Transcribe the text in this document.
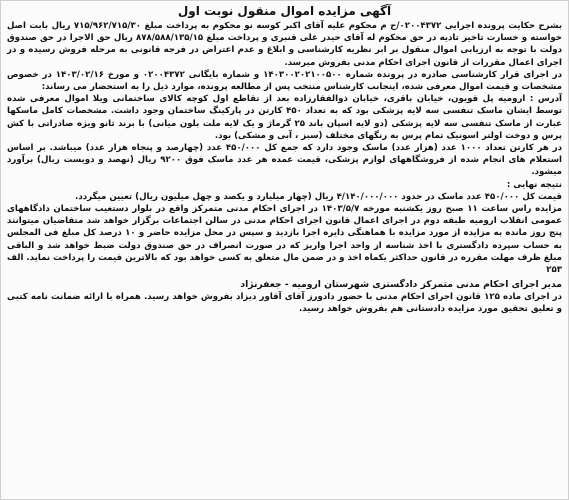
آگهی مزایده اموال منقول نوبت اول

بشرح حکایت پرونده اجرایی ۰۲۰۰۴۳۷۲/ح م محکوم علیه آقای اکبر کوسه نو محکوم به پرداخت مبلغ ۷۱۵/۹۶۲/۷۱۵/۳۰ ریال بابت اصل خواسته و خسارت تاخیر تادیه در حق محکوم له آقای حیدر علی قنبری و پرداخت مبلغ ۸۷۸/۵۸۸/۱۳۵/۱۵ ریال حق الاجرا در حق صندوق دولت با توجه به ارزیابی اموال منقول بر ابر نظریه کارشناسی و ابلاغ و عدم اعتراض در فرجه قانونی به مرحله فروش رسیده و در اجرای اعمال مقررات از قانون اجرای احکام مدنی بفروش میرسد.

در اجرای قرار کارشناسی صادره در پرونده شماره ۱۴۰۳۰۰۲۰۲۱۰۰۵۰۰ و شماره بایگانی ۰۲۰۰۴۳۷۲ و مورخ ۱۴۰۳/۰۲/۱۶ در خصوص مشخصات و قیمت اموال معرفی شده، اینجانب کارشناس منتخب پس از مطالعه پرونده، موارد ذیل را به استحضار می رساند:

آدرس : ارومیه پل قویون، خیابان باقری، خیابان ذوالفقارزاده بعد از تقاطع اول کوچه کالای ساختمانی ویلا اموال معرفی شده توسط ایشان ماسک تنفسی سه لایه پزشکی بود که به تعداد ۴۵۰ کارتن در پارکینگ ساختمان وجود داشت. مشخصات کامل ماسکها عبارت از ماسک تنفسی سه لایه پزشکی (دو لایه اسپان باند ۲۵ گرماژ و یک لایه ملت بلون میانی) با برند ثانو ویژه صادراتی با کش پرس و دوخت اولتر اسونیک تمام پرس به رنگهای مختلف (سبز ، آبی و مشکی) بود.

در هر کارتن تعداد ۱۰۰۰ عدد (هزار عدد) ماسک وجود دارد که جمع کل ۴۵۰/۰۰۰ عدد (چهارصد و پنجاه هزار عدد) میباشد. بر اساس استعلام های انجام شده از فروشگاههای لوازم پزشکی، قیمت عمده هر عدد ماسک فوق ۹۲۰۰ ریال (نهصد و دویست ریال) برآورد میشود.

نتیجه نهایی :

قیمت کل ۴۵۰/۰۰۰ عدد ماسک در حدود ۴/۱۴۰/۰۰۰/۰۰۰ ریال (چهار میلیارد و یکصد و چهل میلیون ریال) تعیین میگردد.

مزایده راس ساعت ۱۱ صبح روز یکشنبه مورخه ۱۴۰۳/۵/۷ در اجرای احکام مدنی متمرکز واقع در بلوار دستغیب ساختمان دادگاههای عمومی انقلاب ارومیه طبقه دوم در اجرای اعمال قانون اجرای احکام مدنی در سالن اجتماعات برگزار خواهد شد متقاضیان میتوانند پنج روز مانده به مزایده از مورد مزایده با هماهنگی دایره اجرا بازدید و سپس در محل مزایده حاضر و ۱۰ درصد کل مبلغ فی المجلس به حساب سپرده دادگستری با اخذ شناسه از واحد اجرا واریز که در صورت انصراف در حق صندوق دولت ضبط خواهد شد و الباقی مبلغ ظرف مهلت مقرره در قانون حداکثر یکماه اخذ و در ضمن مال متعلق به کسی خواهد بود که بالاترین قیمت را پرداخت نماید. الف ۲۵۳

مدیر اجرای احکام مدنی متمرکز دادگستری شهرستان ارومیه - جعفرنژاد

در اجرای ماده ۱۲۵ قانون اجرای احکام مدنی با حضور دادورز آقای آقاور دیزاد بفروش خواهد رسید. همراه با ارائه ضمانت نامه کتبی و تعلیق تحقیق مورد مزایده دادستانی هم بفروش خواهد رسید.
